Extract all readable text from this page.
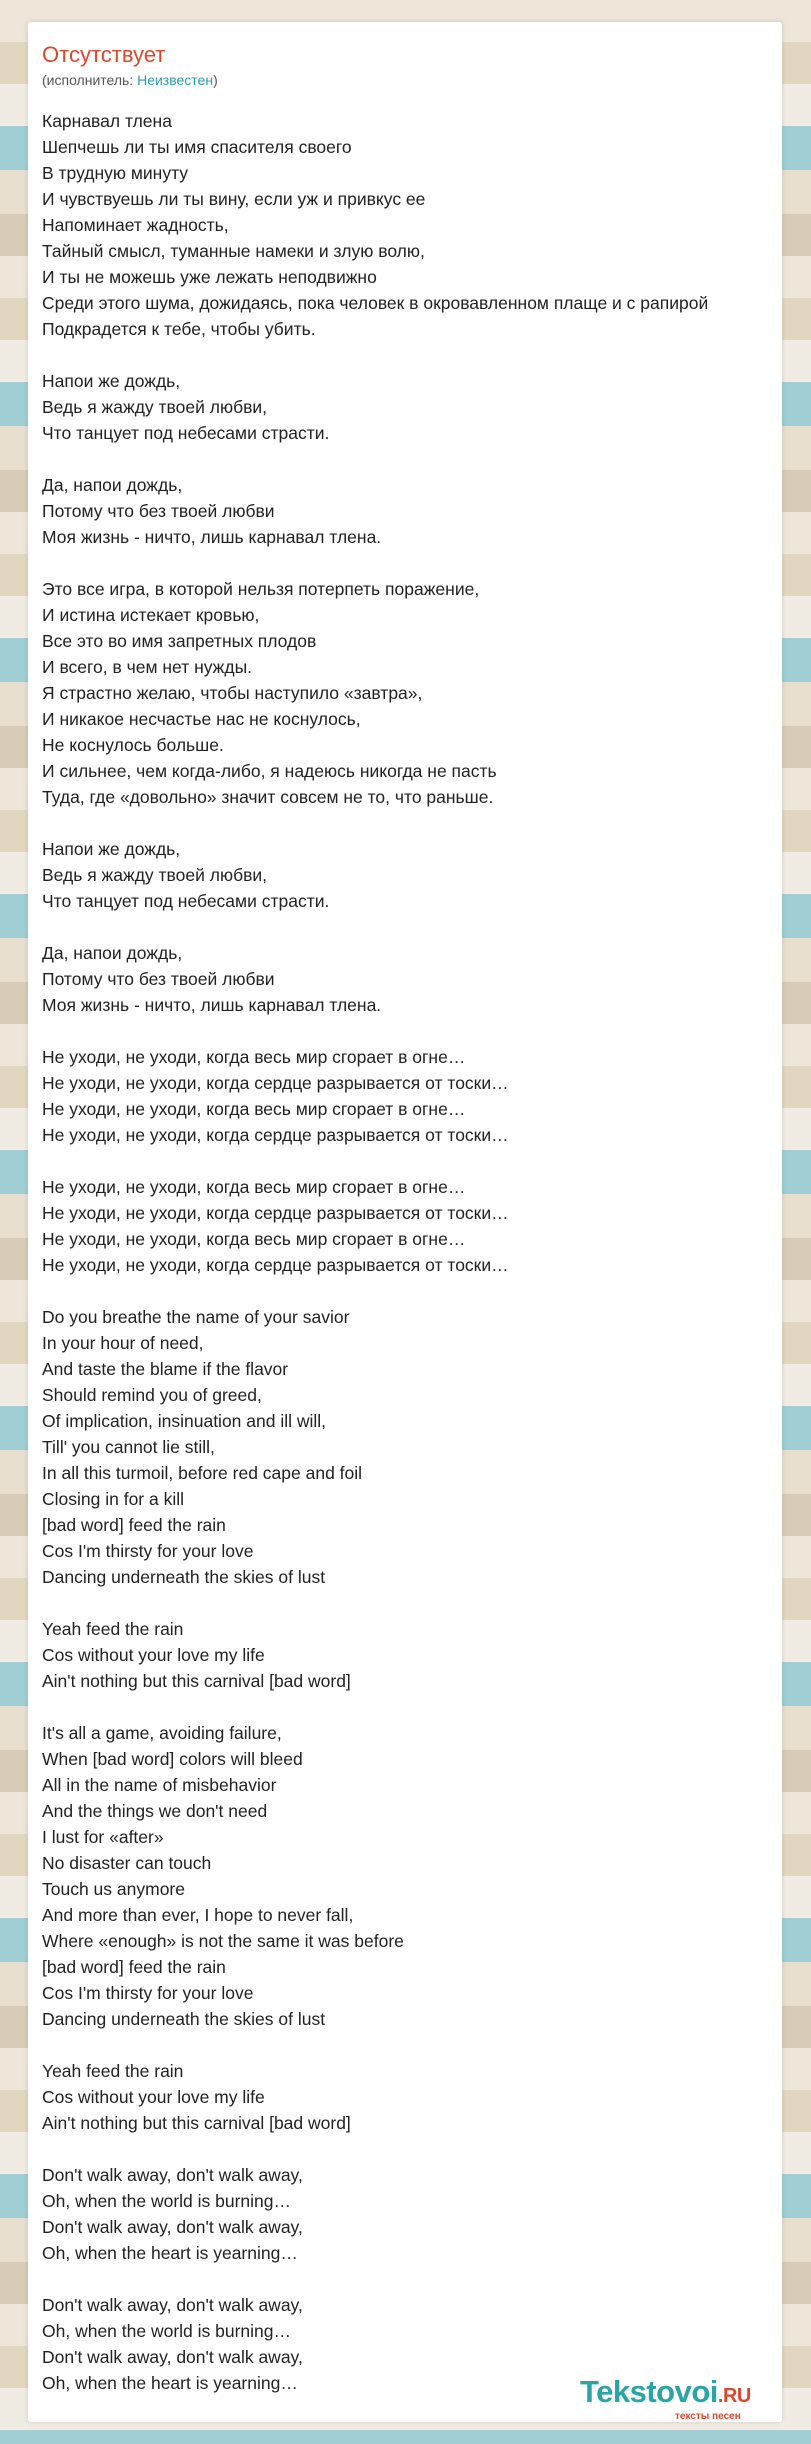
Отсутствует
(исполнитель: Неизвестен)
Карнавал тлена
Шепчешь ли ты имя спасителя своего
В трудную минуту
И чувствуешь ли ты вину, если уж и привкус ее
Напоминает жадность,
Тайный смысл, туманные намеки и злую волю,
И ты не можешь уже лежать неподвижно
Среди этого шума, дожидаясь, пока человек в окровавленном плаще и с рапирой
Подкрадется к тебе, чтобы убить.
Напои же дождь,
Ведь я жажду твоей любви,
Что танцует под небесами страсти.
Да, напои дождь,
Потому что без твоей любви
Моя жизнь - ничто, лишь карнавал тлена.
Это все игра, в которой нельзя потерпеть поражение,
И истина истекает кровью,
Все это во имя запретных плодов
И всего, в чем нет нужды.
Я страстно желаю, чтобы наступило «завтра»,
И никакое несчастье нас не коснулось,
Не коснулось больше.
И сильнее, чем когда-либо, я надеюсь никогда не пасть
Туда, где «довольно» значит совсем не то, что раньше.
Напои же дождь,
Ведь я жажду твоей любви,
Что танцует под небесами страсти.
Да, напои дождь,
Потому что без твоей любви
Моя жизнь - ничто, лишь карнавал тлена.
Не уходи, не уходи, когда весь мир сгорает в огне…
Не уходи, не уходи, когда сердце разрывается от тоски…
Не уходи, не уходи, когда весь мир сгорает в огне…
Не уходи, не уходи, когда сердце разрывается от тоски…
Не уходи, не уходи, когда весь мир сгорает в огне…
Не уходи, не уходи, когда сердце разрывается от тоски…
Не уходи, не уходи, когда весь мир сгорает в огне…
Не уходи, не уходи, когда сердце разрывается от тоски…
Do you breathe the name of your savior
In your hour of need,
And taste the blame if the flavor
Should remind you of greed,
Of implication, insinuation and ill will,
Till' you cannot lie still,
In all this turmoil, before red cape and foil
Closing in for a kill
[bad word] feed the rain
Cos I'm thirsty for your love
Dancing underneath the skies of lust
Yeah feed the rain
Cos without your love my life
Ain't nothing but this carnival [bad word]
It's all a game, avoiding failure,
When [bad word] colors will bleed
All in the name of misbehavior
And the things we don't need
I lust for «after»
No disaster can touch
Touch us anymore
And more than ever, I hope to never fall,
Where «enough» is not the same it was before
[bad word] feed the rain
Cos I'm thirsty for your love
Dancing underneath the skies of lust
Yeah feed the rain
Cos without your love my life
Ain't nothing but this carnival [bad word]
Don't walk away, don't walk away,
Oh, when the world is burning…
Don't walk away, don't walk away,
Oh, when the heart is yearning…
Don't walk away, don't walk away,
Oh, when the world is burning…
Don't walk away, don't walk away,
Oh, when the heart is yearning…	Tekstovoi.RU
тексты песен
